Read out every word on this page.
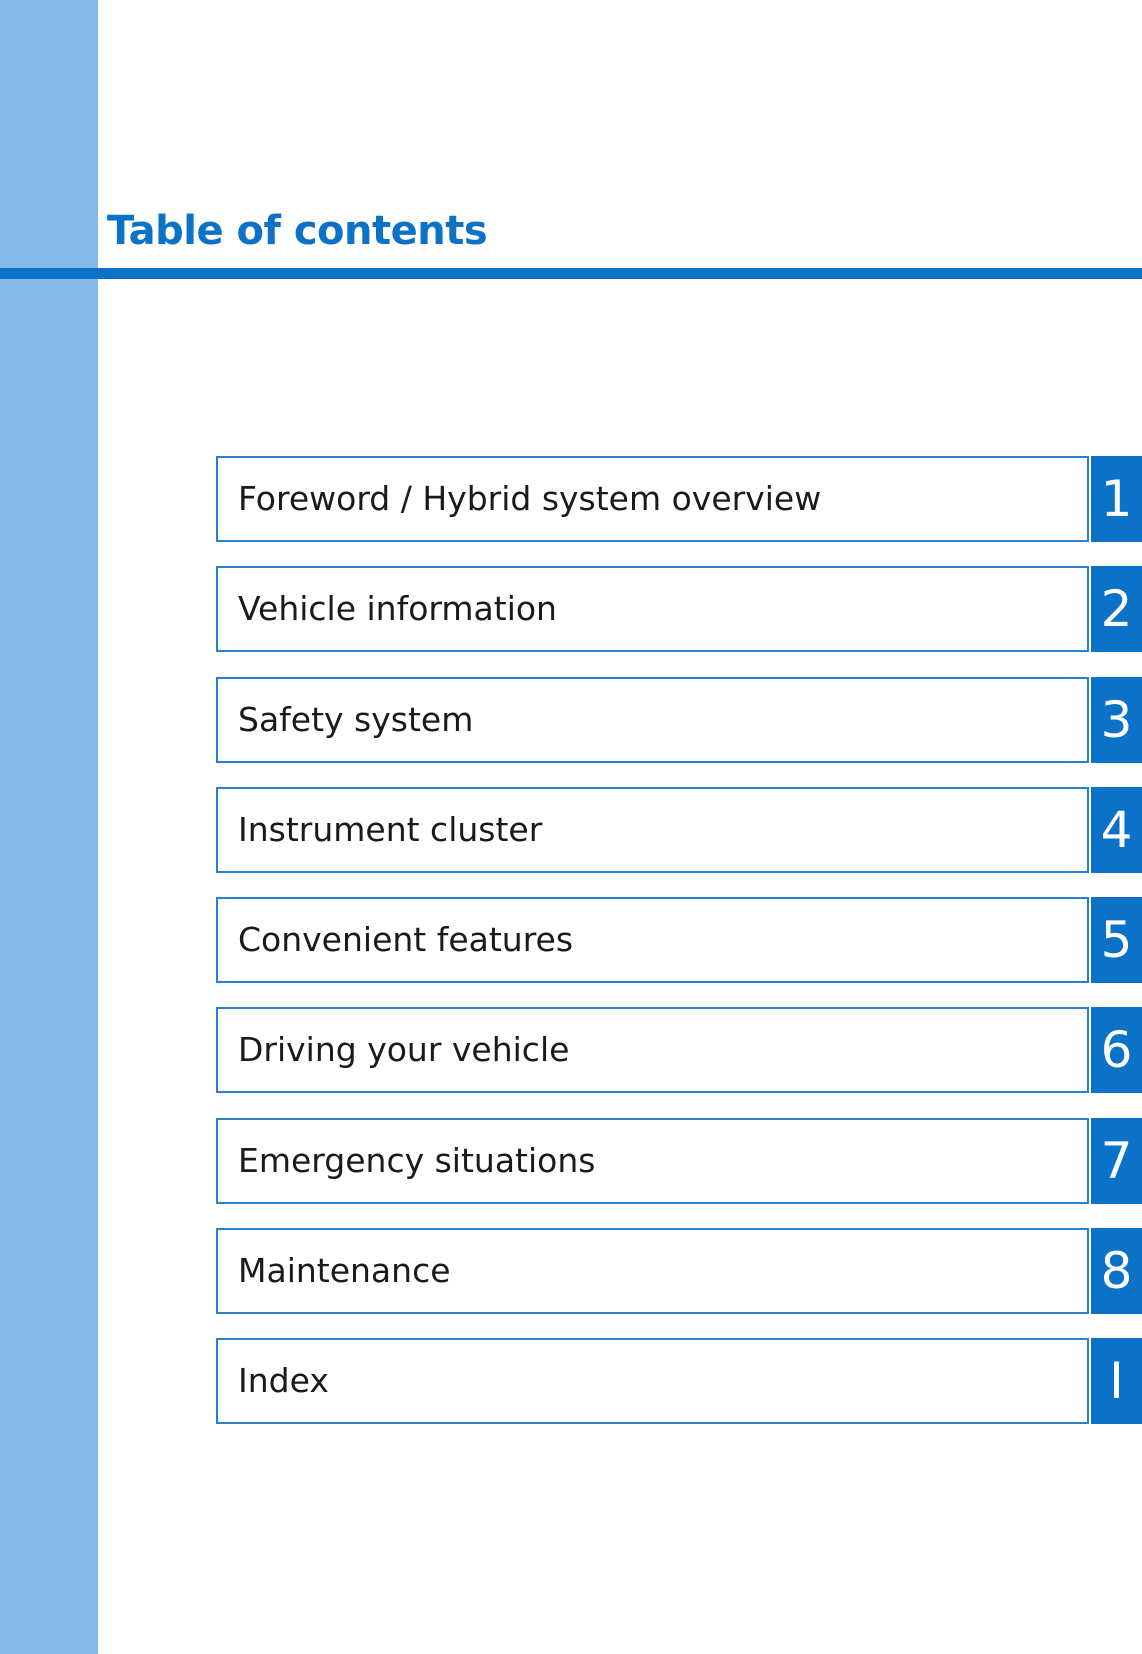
Table of contents
Foreword / Hybrid system overview	1
Vehicle information	2
Safety system	3
Instrument cluster	4
Convenient features	5
Driving your vehicle	6
Emergency situations	7
Maintenance	8
Index	I
